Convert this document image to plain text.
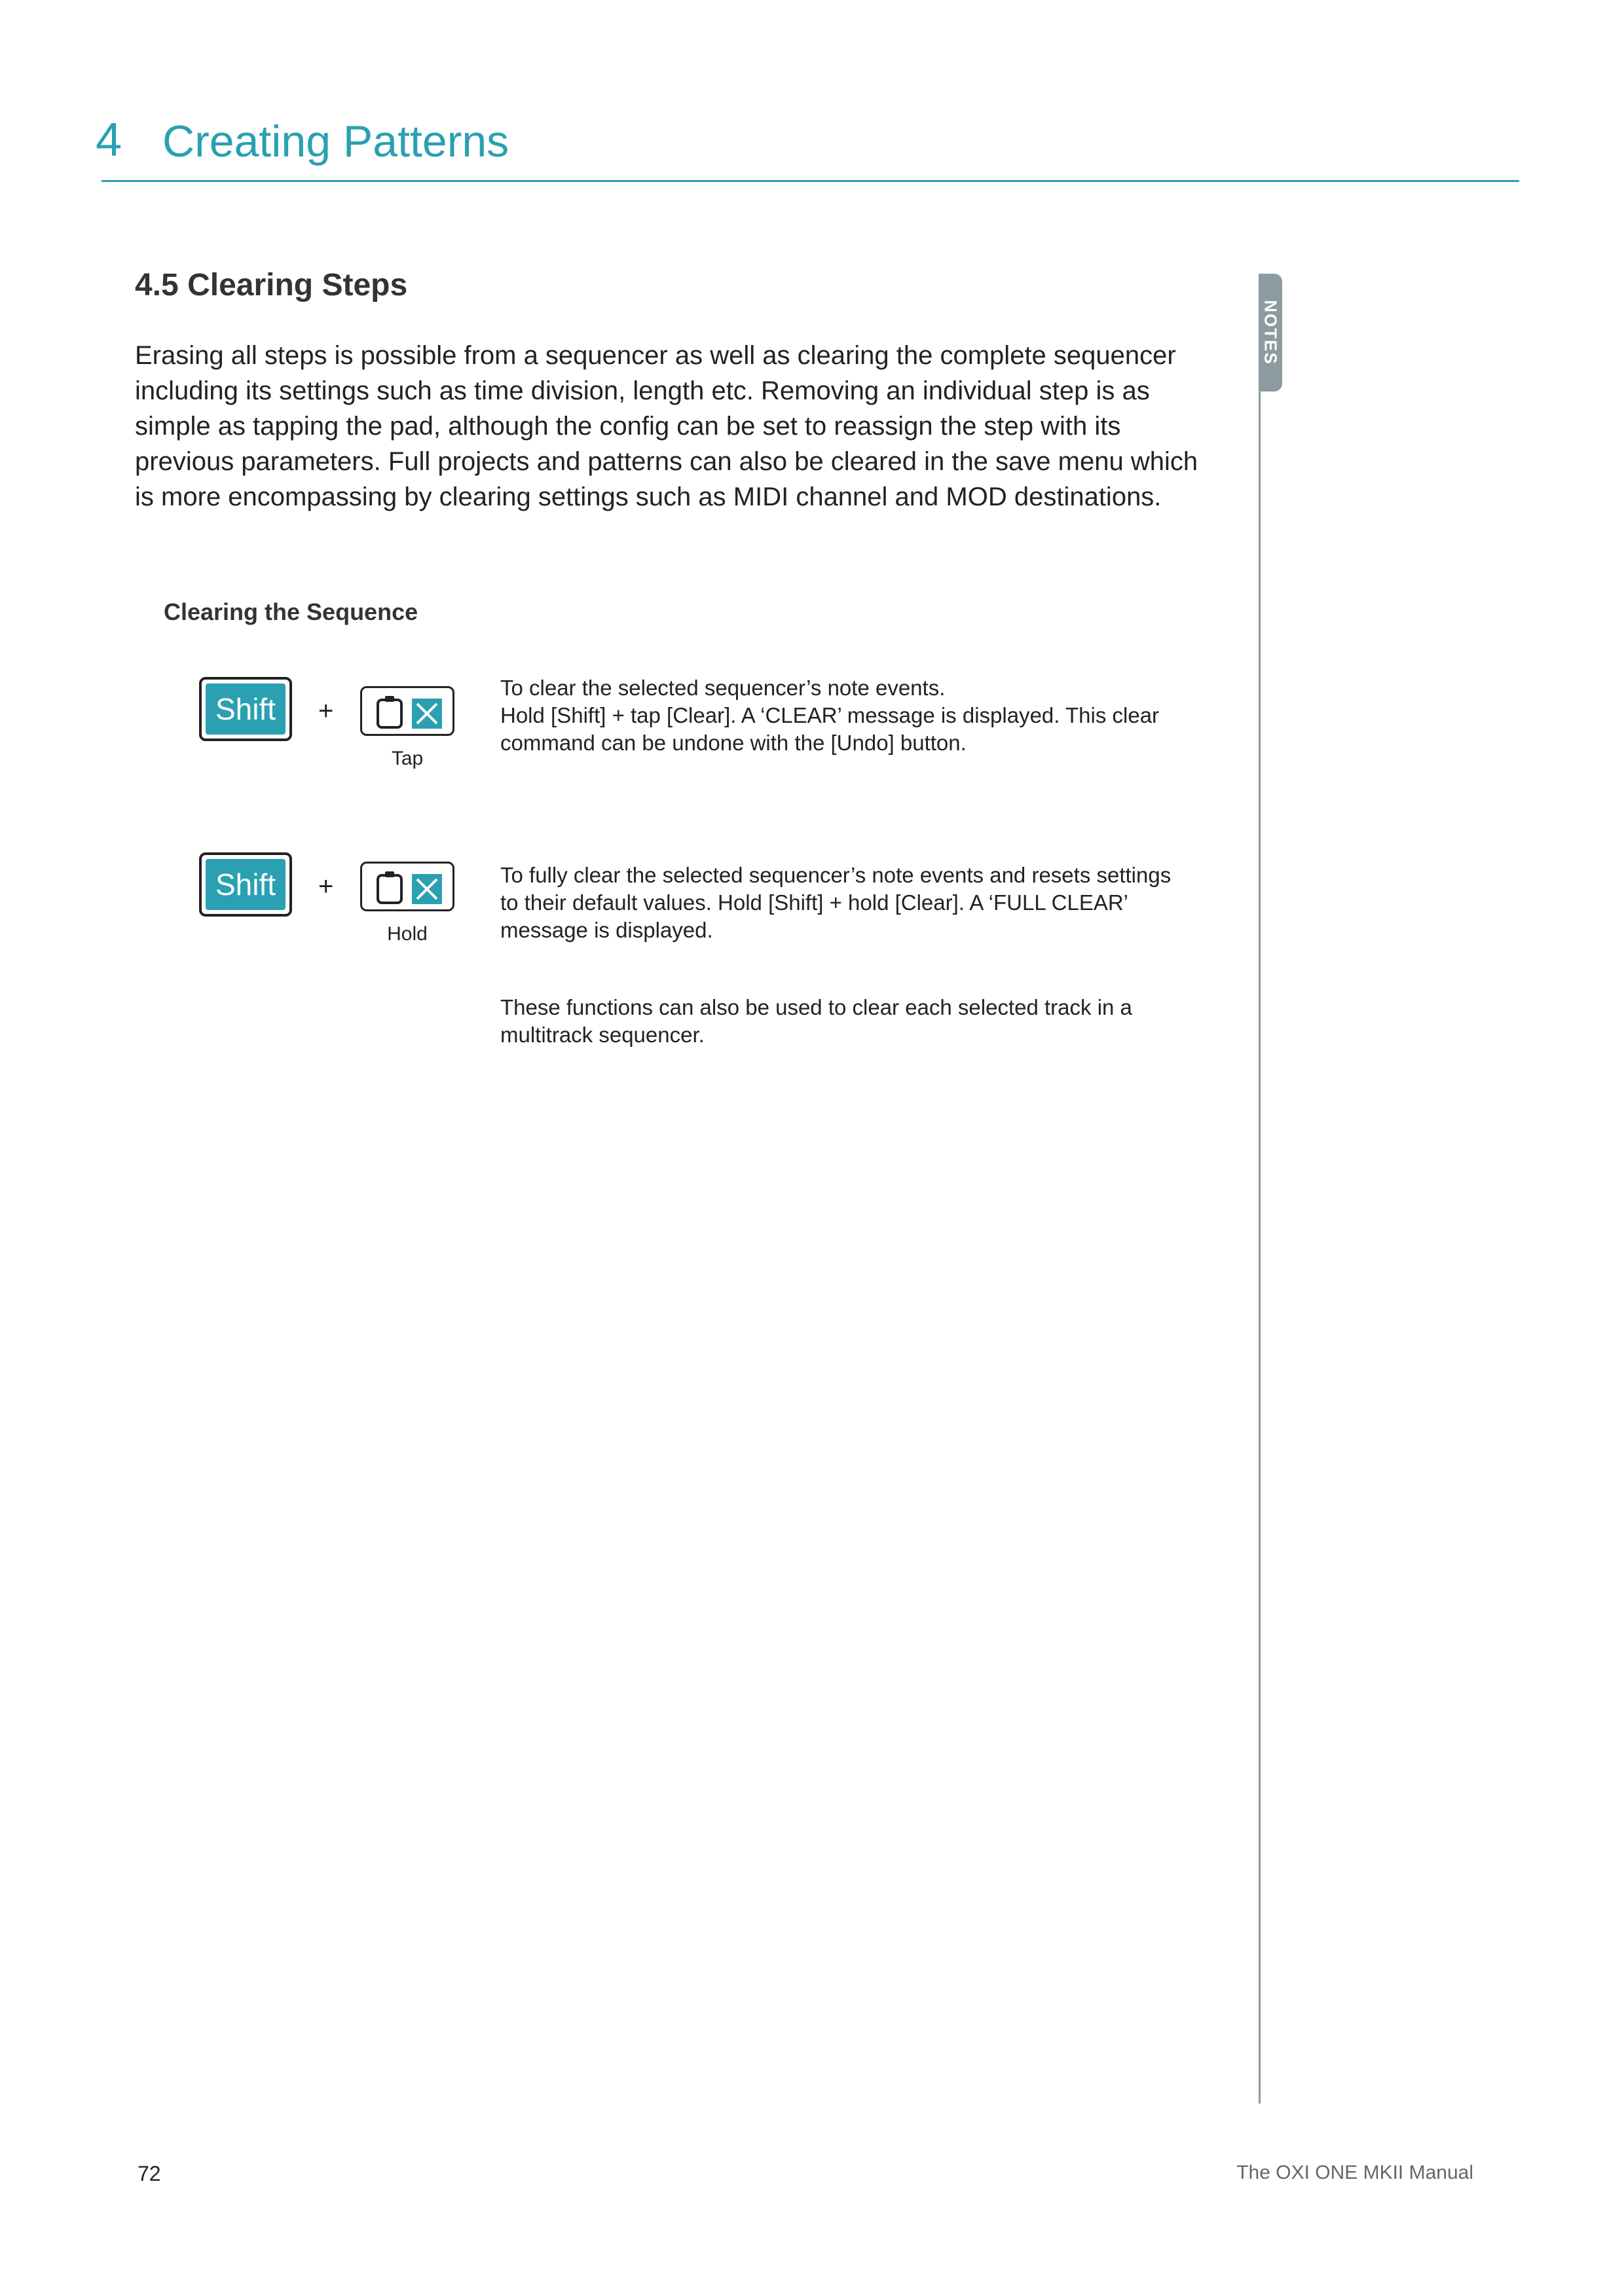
4 Creating Patterns
NOTES
4.5 Clearing Steps

Erasing all steps is possible from a sequencer as well as clearing the complete sequencer including its settings such as time division, length etc. Removing an individual step is as simple as tapping the pad, although the config can be set to reassign the step with its previous parameters. Full projects and patterns can also be cleared in the save menu which is more encompassing by clearing settings such as MIDI channel and MOD destinations.

Clearing the Sequence
Shift	+
Tap

To clear the selected sequencer’s note events.
Hold [Shift] + tap [Clear]. A ‘CLEAR’ message is displayed. This clear command can be undone with the [Undo] button.

Shift	+
Hold

To fully clear the selected sequencer’s note events and resets settings to their default values. Hold [Shift] + hold [Clear]. A ‘FULL CLEAR’ message is displayed.

These functions can also be used to clear each selected track in a multitrack sequencer.

72	The OXI ONE MKII Manual
